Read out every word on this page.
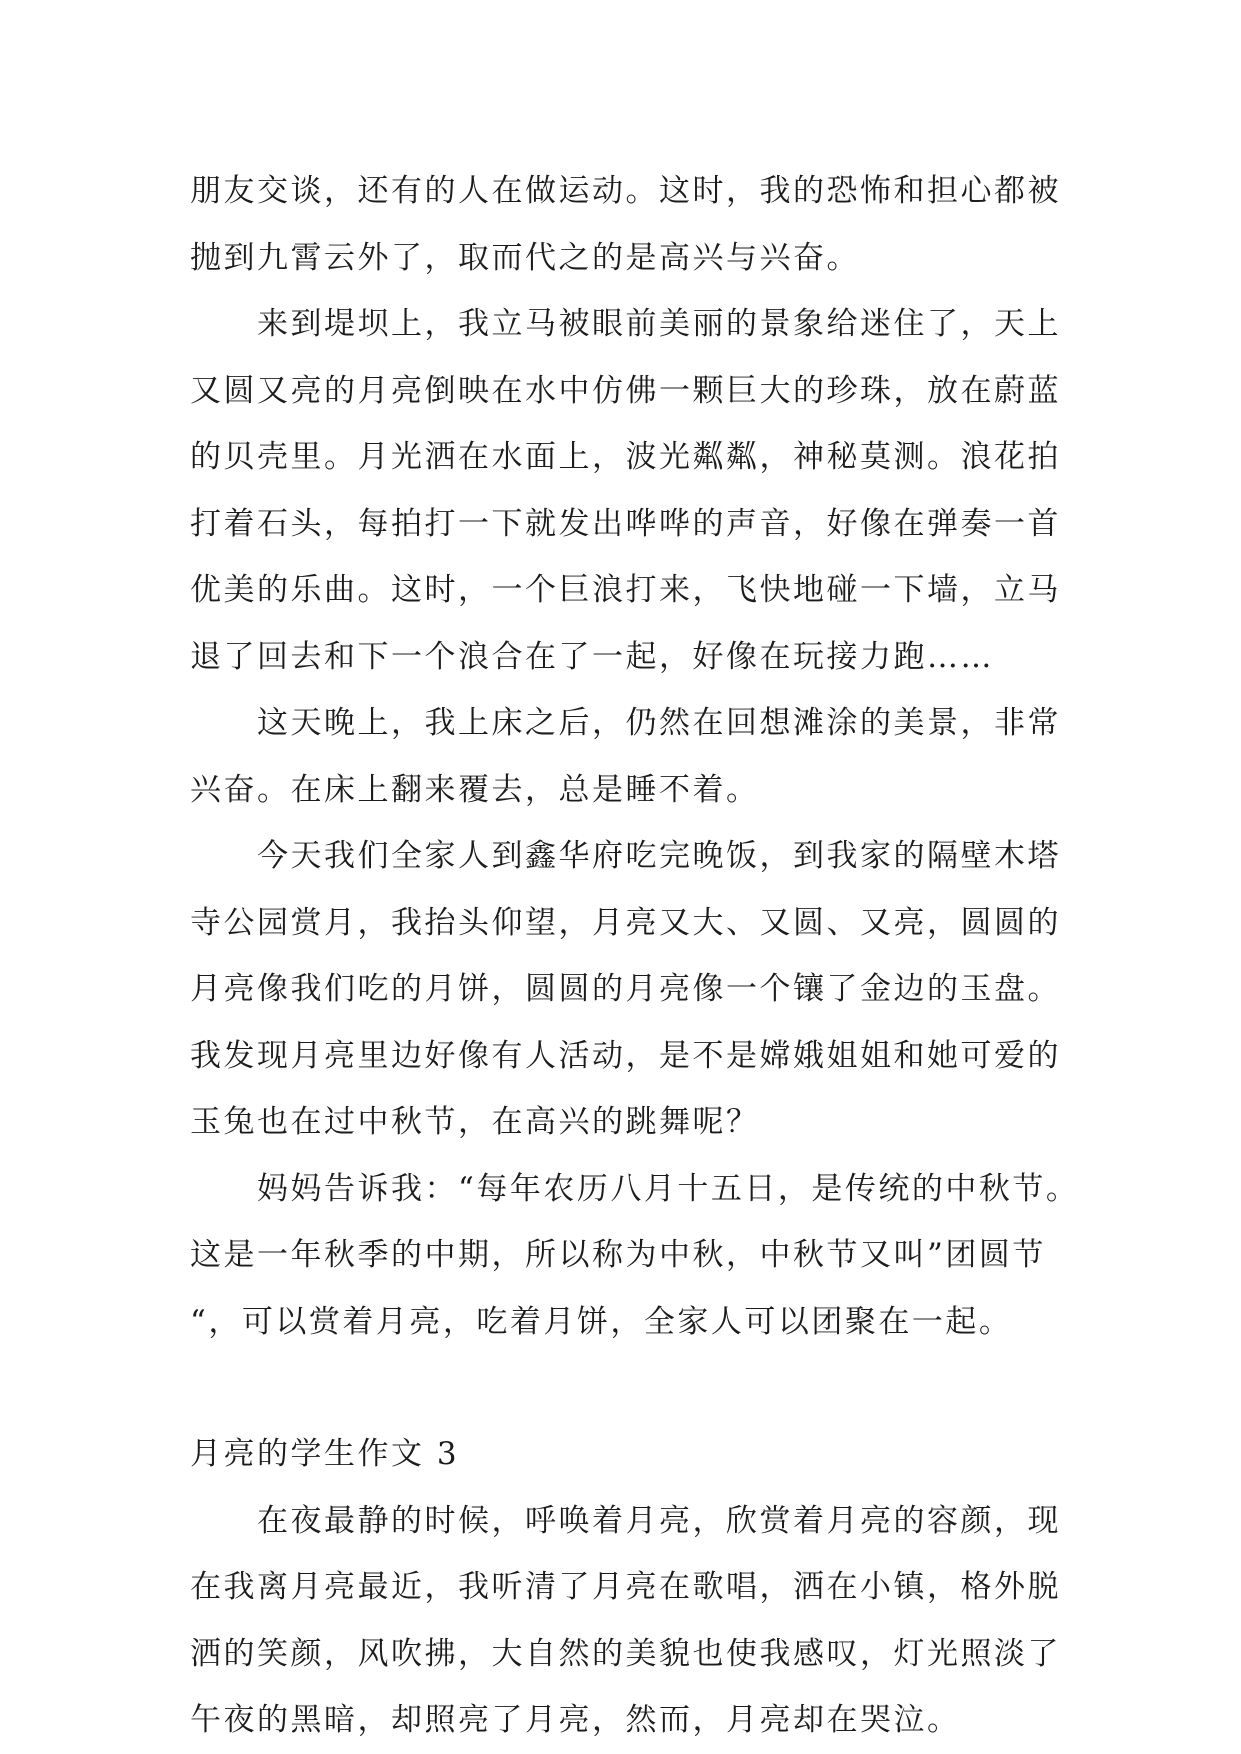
朋友交谈，还有的人在做运动。这时，我的恐怖和担心都被

抛到九霄云外了，取而代之的是高兴与兴奋。

　　来到堤坝上，我立马被眼前美丽的景象给迷住了，天上

又圆又亮的月亮倒映在水中仿佛一颗巨大的珍珠，放在蔚蓝

的贝壳里。月光洒在水面上，波光粼粼，神秘莫测。浪花拍

打着石头，每拍打一下就发出哗哗的声音，好像在弹奏一首

优美的乐曲。这时，一个巨浪打来，飞快地碰一下墙，立马

退了回去和下一个浪合在了一起，好像在玩接力跑……

　　这天晚上，我上床之后，仍然在回想滩涂的美景，非常

兴奋。在床上翻来覆去，总是睡不着。

　　今天我们全家人到鑫华府吃完晚饭，到我家的隔壁木塔

寺公园赏月，我抬头仰望，月亮又大、又圆、又亮，圆圆的

月亮像我们吃的月饼，圆圆的月亮像一个镶了金边的玉盘。

我发现月亮里边好像有人活动，是不是嫦娥姐姐和她可爱的

玉兔也在过中秋节，在高兴的跳舞呢？

　　妈妈告诉我：“每年农历八月十五日，是传统的中秋节。

这是一年秋季的中期，所以称为中秋，中秋节又叫”团圆节

“，可以赏着月亮，吃着月饼，全家人可以团聚在一起。

月亮的学生作文 3

　　在夜最静的时候，呼唤着月亮，欣赏着月亮的容颜，现

在我离月亮最近，我听清了月亮在歌唱，洒在小镇，格外脱

洒的笑颜，风吹拂，大自然的美貌也使我感叹，灯光照淡了

午夜的黑暗，却照亮了月亮，然而，月亮却在哭泣。
